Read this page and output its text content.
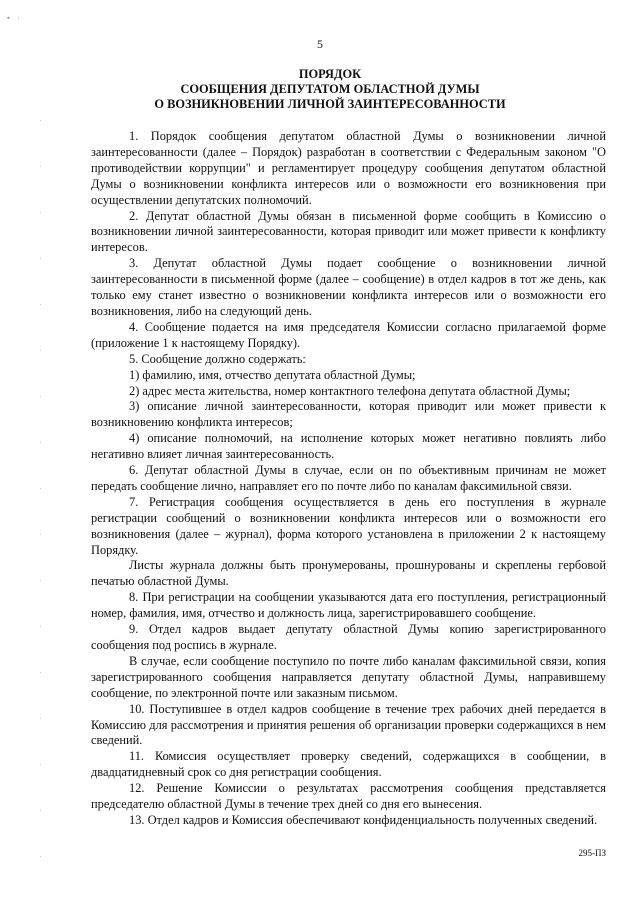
• ·
5
ПОРЯДОК
СООБЩЕНИЯ ДЕПУТАТОМ ОБЛАСТНОЙ ДУМЫ
О ВОЗНИКНОВЕНИИ ЛИЧНОЙ ЗАИНТЕРЕСОВАННОСТИ

1. Порядок сообщения депутатом областной Думы о возникновении личной заинтересованности (далее – Порядок) разработан в соответствии с Федеральным законом "О противодействии коррупции" и регламентирует процедуру сообщения депутатом областной Думы о возникновении конфликта интересов или о возможности его возникновения при осуществлении депутатских полномочий.

2. Депутат областной Думы обязан в письменной форме сообщить в Комиссию о возникновении личной заинтересованности, которая приводит или может привести к конфликту интересов.

3. Депутат областной Думы подает сообщение о возникновении личной заинтересованности в письменной форме (далее – сообщение) в отдел кадров в тот же день, как только ему станет известно о возникновении конфликта интересов или о возможности его возникновения, либо на следующий день.

4. Сообщение подается на имя председателя Комиссии согласно прилагаемой форме (приложение 1 к настоящему Порядку).

5. Сообщение должно содержать:

1) фамилию, имя, отчество депутата областной Думы;

2) адрес места жительства, номер контактного телефона депутата областной Думы;

3) описание личной заинтересованности, которая приводит или может привести к возникновению конфликта интересов;

4) описание полномочий, на исполнение которых может негативно повлиять либо негативно влияет личная заинтересованность.

6. Депутат областной Думы в случае, если он по объективным причинам не может передать сообщение лично, направляет его по почте либо по каналам факсимильной связи.

7. Регистрация сообщения осуществляется в день его поступления в журнале регистрации сообщений о возникновении конфликта интересов или о возможности его возникновения (далее – журнал), форма которого установлена в приложении 2 к настоящему Порядку.

Листы журнала должны быть пронумерованы, прошнурованы и скреплены гербовой печатью областной Думы.

8. При регистрации на сообщении указываются дата его поступления, регистрационный номер, фамилия, имя, отчество и должность лица, зарегистрировавшего сообщение.

9. Отдел кадров выдает депутату областной Думы копию зарегистрированного сообщения под роспись в журнале.

В случае, если сообщение поступило по почте либо каналам факсимильной связи, копия зарегистрированного сообщения направляется депутату областной Думы, направившему сообщение, по электронной почте или заказным письмом.

10. Поступившее в отдел кадров сообщение в течение трех рабочих дней передается в Комиссию для рассмотрения и принятия решения об организации проверки содержащихся в нем сведений.

11. Комиссия осуществляет проверку сведений, содержащихся в сообщении, в двадцатидневный срок со дня регистрации сообщения.

12. Решение Комиссии о результатах рассмотрения сообщения представляется председателю областной Думы в течение трех дней со дня его вынесения.

13. Отдел кадров и Комиссия обеспечивают конфиденциальность полученных сведений.

295-ПЗ
